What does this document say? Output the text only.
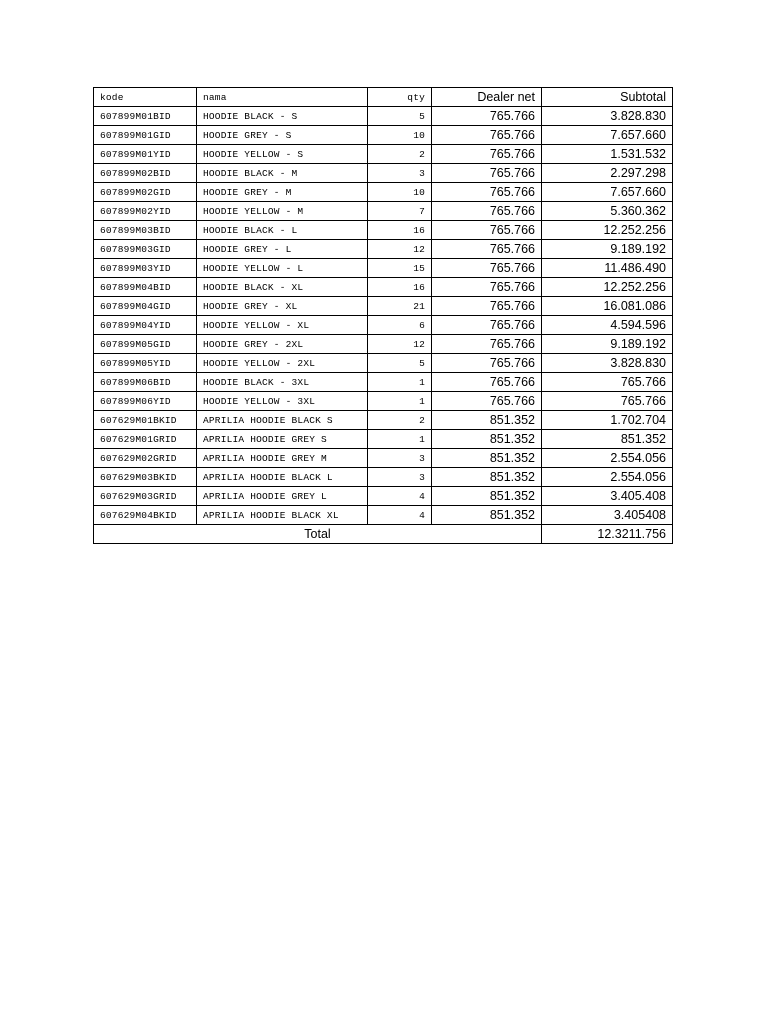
kode	nama	qty	Dealer net	Subtotal
607899M01BID	HOODIE BLACK - S	5	765.766	3.828.830
607899M01GID	HOODIE GREY - S	10	765.766	7.657.660
607899M01YID	HOODIE YELLOW - S	2	765.766	1.531.532
607899M02BID	HOODIE BLACK - M	3	765.766	2.297.298
607899M02GID	HOODIE GREY - M	10	765.766	7.657.660
607899M02YID	HOODIE YELLOW - M	7	765.766	5.360.362
607899M03BID	HOODIE BLACK - L	16	765.766	12.252.256
607899M03GID	HOODIE GREY - L	12	765.766	9.189.192
607899M03YID	HOODIE YELLOW - L	15	765.766	11.486.490
607899M04BID	HOODIE BLACK - XL	16	765.766	12.252.256
607899M04GID	HOODIE GREY - XL	21	765.766	16.081.086
607899M04YID	HOODIE YELLOW - XL	6	765.766	4.594.596
607899M05GID	HOODIE GREY - 2XL	12	765.766	9.189.192
607899M05YID	HOODIE YELLOW - 2XL	5	765.766	3.828.830
607899M06BID	HOODIE BLACK - 3XL	1	765.766	765.766
607899M06YID	HOODIE YELLOW - 3XL	1	765.766	765.766
607629M01BKID	APRILIA HOODIE BLACK S	2	851.352	1.702.704
607629M01GRID	APRILIA HOODIE GREY S	1	851.352	851.352
607629M02GRID	APRILIA HOODIE GREY M	3	851.352	2.554.056
607629M03BKID	APRILIA HOODIE BLACK L	3	851.352	2.554.056
607629M03GRID	APRILIA HOODIE GREY L	4	851.352	3.405.408
607629M04BKID	APRILIA HOODIE BLACK XL	4	851.352	3.405408
Total				12.3211.756
